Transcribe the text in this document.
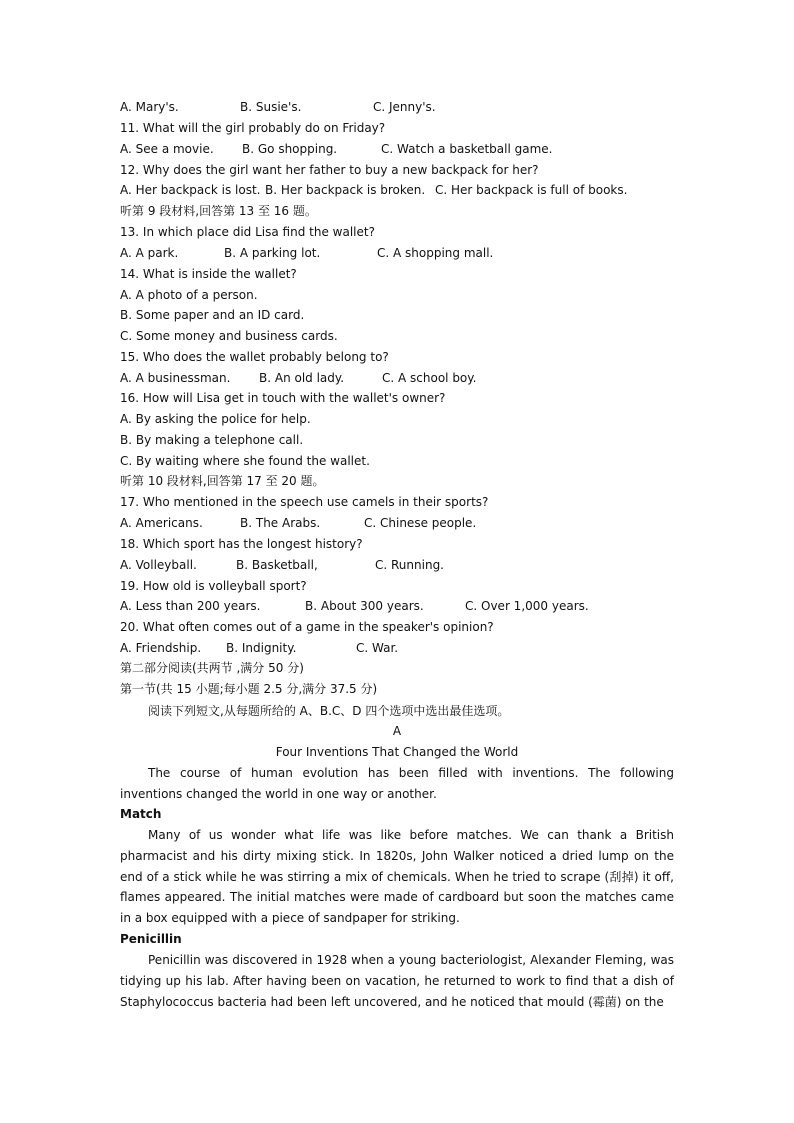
A. Mary's.	B. Susie's.	C. Jenny's.
11. What will the girl probably do on Friday?
A. See a movie. B. Go shopping.	C. Watch a basketball game.
12. Why does the girl want her father to buy a new backpack for her?
A. Her backpack is lost. B. Her backpack is broken. C. Her backpack is full of books.
听第 9 段材料,回答第 13 至 16 题。
13. In which place did Lisa find the wallet?
A. A park.	B. A parking lot.	C. A shopping mall.
14. What is inside the wallet?
A. A photo of a person.
B. Some paper and an ID card.
C. Some money and business cards.
15. Who does the wallet probably belong to?
A. A businessman. B. An old lady.	C. A school boy.
16. How will Lisa get in touch with the wallet's owner?
A. By asking the police for help.
B. By making a telephone call.
C. By waiting where she found the wallet.
听第 10 段材料,回答第 17 至 20 题。
17. Who mentioned in the speech use camels in their sports?
A. Americans.	B. The Arabs.	C. Chinese people.
18. Which sport has the longest history?
A. Volleyball.	B. Basketball,	C. Running.
19. How old is volleyball sport?
A. Less than 200 years.	B. About 300 years.	C. Over 1,000 years.
20. What often comes out of a game in the speaker's opinion?
A. Friendship. B. Indignity.	C. War.
第二部分阅读(共两节 ,满分 50 分)
第一节(共 15 小题;每小题 2.5 分,满分 37.5 分)
阅读下列短文,从每题所给的 A、B.C、D 四个选项中选出最佳选项。
A
Four Inventions That Changed the World
The course of human evolution has been filled with inventions. The following inventions changed the world in one way or another.
Match
Many of us wonder what life was like before matches. We can thank a British pharmacist and his dirty mixing stick. In 1820s, John Walker noticed a dried lump on the end of a stick while he was stirring a mix of chemicals. When he tried to scrape (刮掉) it off, flames appeared. The initial matches were made of cardboard but soon the matches came in a box equipped with a piece of sandpaper for striking.
Penicillin
Penicillin was discovered in 1928 when a young bacteriologist, Alexander Fleming, was tidying up his lab. After having been on vacation, he returned to work to find that a dish of Staphylococcus bacteria had been left uncovered, and he noticed that mould (霉菌) on the
